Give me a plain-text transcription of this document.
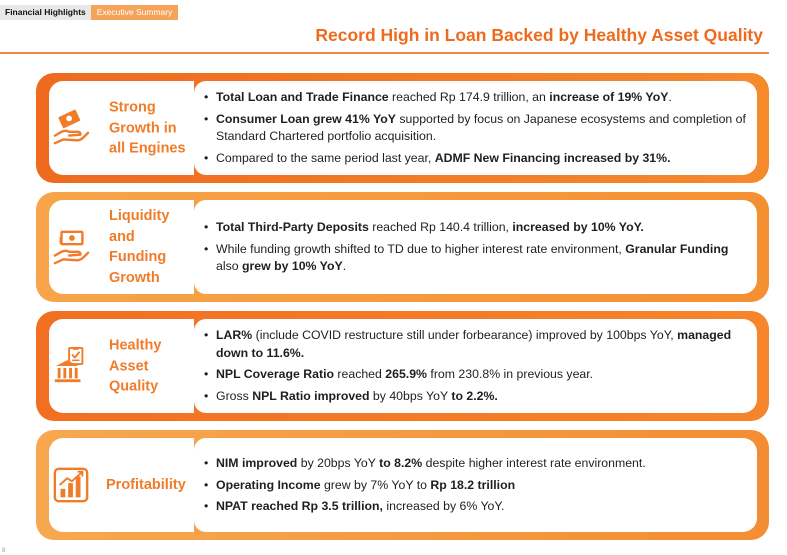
Financial Highlights	Executive Summary
Record High in Loan Backed by Healthy Asset Quality
Strong
Growth in
all Engines
• Total Loan and Trade Finance reached Rp 174.9 trillion, an increase of 19% YoY.
• Consumer Loan grew 41% YoY supported by focus on Japanese ecosystems and completion of Standard Chartered portfolio acquisition.
• Compared to the same period last year, ADMF New Financing increased by 31%.
Liquidity
and
Funding
Growth
• Total Third-Party Deposits reached Rp 140.4 trillion, increased by 10% YoY.
• While funding growth shifted to TD due to higher interest rate environment, Granular Funding also grew by 10% YoY.
Healthy
Asset
Quality
• LAR% (include COVID restructure still under forbearance) improved by 100bps YoY, managed down to 11.6%.
• NPL Coverage Ratio reached 265.9% from 230.8% in previous year.
• Gross NPL Ratio improved by 40bps YoY to 2.2%.
Profitability
• NIM improved by 20bps YoY to 8.2% despite higher interest rate environment.
• Operating Income grew by 7% YoY to Rp 18.2 trillion
• NPAT reached Rp 3.5 trillion, increased by 6% YoY.
8
